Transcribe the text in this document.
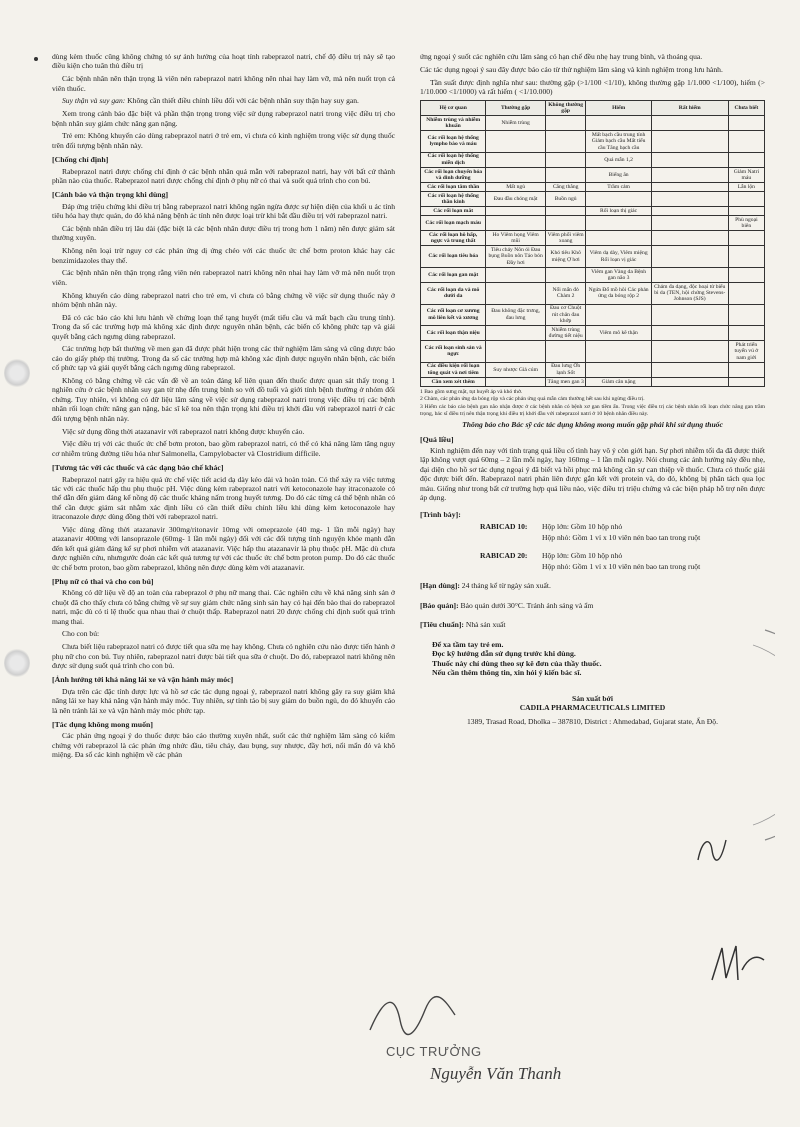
dùng kèm thuốc cũng không chứng tỏ sự ảnh hưởng của hoạt tính rabeprazol natri, chế độ điều trị này sẽ tạo điều kiện cho tuân thủ điều trị

Các bệnh nhân nên thận trọng là viên nén rabeprazol natri không nên nhai hay làm vỡ, mà nên nuốt trọn cả viên thuốc.

Suy thận và suy gan: Không cần thiết điều chỉnh liều đối với các bệnh nhân suy thận hay suy gan.

Xem trong cảnh báo đặc biệt và phần thận trọng trong việc sử dụng rabeprazol natri trong việc điều trị cho bệnh nhân suy giảm chức năng gan nặng.

Trẻ em: Không khuyến cáo dùng rabeprazol natri ở trẻ em, vì chưa có kinh nghiệm trong việc sử dụng thuốc trên đối tượng bệnh nhân này.

[Chống chỉ định]

Rabeprazol natri được chống chỉ định ở các bệnh nhân quá mẫn với rabeprazol natri, hay với bất cứ thành phần nào của thuốc. Rabeprazol natri được chống chỉ định ở phụ nữ có thai và suốt quá trình cho con bú.

[Cảnh báo và thận trọng khi dùng]

Đáp ứng triệu chứng khi điều trị bằng rabeprazol natri không ngăn ngừa được sự hiện diện của khối u ác tính tiêu hóa hay thực quản, do đó khả năng bệnh ác tính nên được loại trừ khi bắt đầu điều trị với rabeprazol natri.

Các bệnh nhân điều trị lâu dài (đặc biệt là các bệnh nhân được điều trị trong hơn 1 năm) nên được giám sát thường xuyên.

Không nên loại trừ nguy cơ các phản ứng dị ứng chéo với các thuốc ức chế bơm proton khác hay các benzimidazoles thay thế.

Các bệnh nhân nên thận trọng rằng viên nén rabeprazol natri không nên nhai hay làm vỡ mà nên nuốt trọn viên.

Không khuyến cáo dùng rabeprazol natri cho trẻ em, vì chưa có bằng chứng về việc sử dụng thuốc này ở nhóm bệnh nhân này.

Đã có các báo cáo khi lưu hành về chứng loạn thể tạng huyết (mất tiểu cầu và mất bạch cầu trung tính). Trong đa số các trường hợp mà không xác định được nguyên nhân bệnh, các biến cố không phức tạp và giải quyết bằng cách ngưng dùng rabeprazol.

Các trường hợp bất thường về men gan đã được phát hiện trong các thử nghiệm lâm sàng và cũng được báo cáo do giấy phép thị trường. Trong đa số các trường hợp mà không xác định được nguyên nhân bệnh, các biến cố phức tạp và giải quyết bằng cách ngưng dùng rabeprazol.

Không có bằng chứng về các vấn đề về an toàn đáng kể liên quan đến thuốc được quan sát thấy trong 1 nghiên cứu ở các bệnh nhân suy gan từ nhẹ đến trung bình so với đồ tuổi và giới tính bệnh thường ở nhóm đối chứng. Tuy nhiên, vì không có dữ liệu lâm sàng về việc sử dụng rabeprazol natri trong việc điều trị các bệnh nhân rối loạn chức năng gan nặng, bác sĩ kê toa nên thận trọng khi điều trị khởi đầu với rabeprazol natri ở các đối tượng bệnh nhân này.

Việc sử dụng đồng thời atazanavir với rabeprazol natri không được khuyến cáo.

Việc điều trị với các thuốc ức chế bơm proton, bao gồm rabeprazol natri, có thể có khả năng làm tăng nguy cơ nhiễm trùng đường tiêu hóa như Salmonella, Campylobacter và Clostridium difficile.

[Tương tác với các thuốc và các dạng bào chế khác]

Rabeprazol natri gây ra hiệu quả ức chế việc tiết acid dạ dày kéo dài và hoàn toàn. Có thể xảy ra việc tương tác với các thuốc hấp thu phụ thuộc pH. Việc dùng kèm rabeprazol natri với ketoconazole hay itraconazole có thể dẫn đến giảm đáng kể nồng độ các thuốc kháng nấm trong huyết tương. Do đó các từng cá thể bệnh nhân có thể cần được giám sát nhằm xác định liều có cần thiết điều chỉnh liều khi dùng kèm ketoconazole hay itraconazole được dùng đồng thời với rabeprazol natri.

Việc dùng đồng thời atazanavir 300mg/ritonavir 10mg với omeprazole (40 mg- 1 lần mỗi ngày) hay atazanavir 400mg với lansoprazole (60mg- 1 lần mỗi ngày) đối với các đối tượng tình nguyện khỏe mạnh dẫn đến kết quả giảm đáng kể sự phơi nhiễm với atazanavir. Việc hấp thu atazanavir là phụ thuộc pH. Mặc dù chưa được nghiên cứu, nhưngước đoán các kết quả tương tự với các thuốc ức chế bơm proton pump. Do đó các thuốc ức chế bơm proton, bao gồm rabeprazol, không nên được dùng kèm với atazanavir.

[Phụ nữ có thai và cho con bú]

Không có dữ liệu về độ an toàn của rabeprazol ở phụ nữ mang thai. Các nghiên cứu về khả năng sinh sản ở chuột đã cho thấy chưa có bằng chứng về sự suy giảm chức năng sinh sản hay có hại đến bào thai do rabeprazol natri, mặc dù có tỉ lệ thuốc qua nhau thai ở chuột thấp. Rabeprazol natri 20 được chống chỉ định suốt quá trình mang thai.

Cho con bú:

Chưa biết liệu rabeprazol natri có được tiết qua sữa mẹ hay không. Chưa có nghiên cứu nào được tiến hành ở phụ nữ cho con bú. Tuy nhiên, rabeprazol natri được bài tiết qua sữa ở chuột. Do đó, rabeprazol natri không nên được sử dụng suốt quá trình cho con bú.

[Ảnh hưởng tới khả năng lái xe và vận hành máy móc]

Dựa trên các đặc tính được lực và hồ sơ các tác dụng ngoại ý, rabeprazol natri không gây ra suy giảm khả năng lái xe hay khả năng vận hành máy móc. Tuy nhiên, sự tỉnh táo bị suy giảm do buồn ngủ, do đó khuyến cáo là nên tránh lái xe và vận hành máy móc phức tạp.

[Tác dụng không mong muốn]

Các phản ứng ngoại ý do thuốc được báo cáo thường xuyên nhất, suốt các thử nghiệm lâm sàng có kiểm chứng với rabeprazol là các phản ứng nhức đầu, tiêu chảy, đau bụng, suy nhược, đầy hơi, nổi mẩn đỏ và khô miệng. Đa số các kinh nghiệm về các phản

ứng ngoại ý suốt các nghiên cứu lâm sàng có hạn chế đều nhẹ hay trung bình, và thoáng qua.

Các tác dụng ngoại ý sau đây được báo cáo từ thử nghiệm lâm sàng và kinh nghiệm trong lưu hành.

Tần suất được định nghĩa như sau: thường gặp (>1/100 <1/10), không thường gặp 1/1.000 <1/100), hiếm (> 1/10.000 <1/1000) và rất hiếm ( <1/10.000)

Hệ cơ quan	Thường gặp	Không thường gặp	Hiếm	Rất hiếm	Chưa biết
Nhiễm trùng và nhiễm khuẩn	Nhiễm trùng				
Các rối loạn hệ thống lympho bào và máu			Mất bạch cầu trung tính Giảm bạch cầu Mất tiểu cầu Tăng bạch cầu		
Các rối loạn hệ thống miễn dịch			Quá mẫn 1,2		
Các rối loạn chuyển hóa và dinh dưỡng			Biếng ăn		Giảm Natri máu
Các rối loạn tâm thần	Mất ngủ	Căng thẳng	Trầm cảm		Lẫn lộn
Các rối loạn hệ thống thần kinh	Đau đầu chóng mặt	Buồn ngủ			
Các rối loạn mắt			Rối loạn thị giác		
Các rối loạn mạch máu					Phù ngoại biên
Các rối loạn hô hấp, ngực và trung thất	Ho Viêm họng Viêm mũi	Viêm phổi viêm xoang			
Các rối loạn tiêu hóa	Tiêu chảy Nôn ói Đau bụng Buồn nôn Táo bón Đầy hơi	Khó tiêu Khô miệng Ợ hơi	Viêm dạ dày, Viêm miệng Rối loạn vị giác		
Các rối loạn gan mật			Viêm gan Vàng da Bệnh gan não 3		
Các rối loạn da và mô dưới da		Nổi mẩn đỏ Chàm 2	Ngứa Đổ mồ hôi Các phản ứng da bóng rộp 2	Chảm đa dạng, độc hoại tử biểu bì da (TEN, hội chứng Stevens-Johnson (SJS)	
Các rối loạn cơ xương mô liên kết và xương	Đau không đặc trưng, đau lưng	Đau cơ Chuột rút chân đau khớp			
Các rối loạn thận niệu		Nhiễm trùng đường tiết niệu	Viêm mô kẽ thận		
Các rối loạn sinh sản và ngực					Phát triển tuyến vú ở nam giới
Các điều kiện rối loạn tổng quát và nơi tiêm	Suy nhược Giả cúm	Đau lưng Ớn lạnh Sốt			
Cần xem xét thêm		Tăng men gan 3	Giảm cân nặng		

1 Bao gồm sưng mặt, tụt huyết áp và khó thở.

2 Chàm, các phản ứng da bóng rộp và các phản ứng quá mẫn cảm thường hết sau khi ngừng điều trị.

3 Hiếm các báo cáo bệnh gan não nhận được ở các bệnh nhân có bệnh xơ gan tiềm ẩn. Trong việc điều trị các bệnh nhân rối loạn chức năng gan trầm trọng, bác sĩ điều trị nên thận trọng khi điều trị khởi đầu với rabeprazol natri ở 10 bệnh nhân điều này.

Thông báo cho Bác sỹ các tác dụng không mong muốn gặp phải khi sử dụng thuốc

[Quá liều]

Kinh nghiệm đến nay với tình trạng quá liều cố tình hay vô ý còn giới hạn. Sự phơi nhiễm tối đa đã được thiết lập không vượt quá 60mg – 2 lần mỗi ngày, hay 160mg – 1 lần mỗi ngày. Nói chung các ảnh hưởng này đều nhẹ, đại diện cho hồ sơ tác dụng ngoại ý đã biết và hồi phục mà không cần sự can thiệp về thuốc. Chưa có thuốc giải độc được biết đến. Rabeprazol natri phản liên được gắn kết với protein và, do đó, không bị phân tách qua lọc máu. Giống như trong bất cứ trường hợp quá liều nào, việc điều trị triệu chứng và các biện pháp hỗ trợ nên được áp dụng.

[Trình bày]:

RABICAD 10: Hộp lớn: Gồm 10 hộp nhỏ

Hộp nhỏ: Gồm 1 vỉ x 10 viên nén bao tan trong ruột

RABICAD 20: Hộp lớn: Gồm 10 hộp nhỏ

Hộp nhỏ: Gồm 1 vỉ x 10 viên nén bao tan trong ruột

[Hạn dùng]: 24 tháng kể từ ngày sản xuất.

[Bảo quản]: Bảo quản dưới 30°C. Tránh ánh sáng và ẩm

[Tiêu chuẩn]: Nhà sản xuất

Để xa tầm tay trẻ em.

Đọc kỹ hướng dẫn sử dụng trước khi dùng.

Thuốc này chỉ dùng theo sự kê đơn của thầy thuốc.

Nếu cần thêm thông tin, xin hỏi ý kiến bác sĩ.

Sản xuất bởi

CADILA PHARMACEUTICALS LIMITED

1389, Trasad Road, Dholka – 387810, District : Ahmedabad, Gujarat state, Ấn Độ.

CỤC TRƯỞNG
Nguyễn Văn Thanh
